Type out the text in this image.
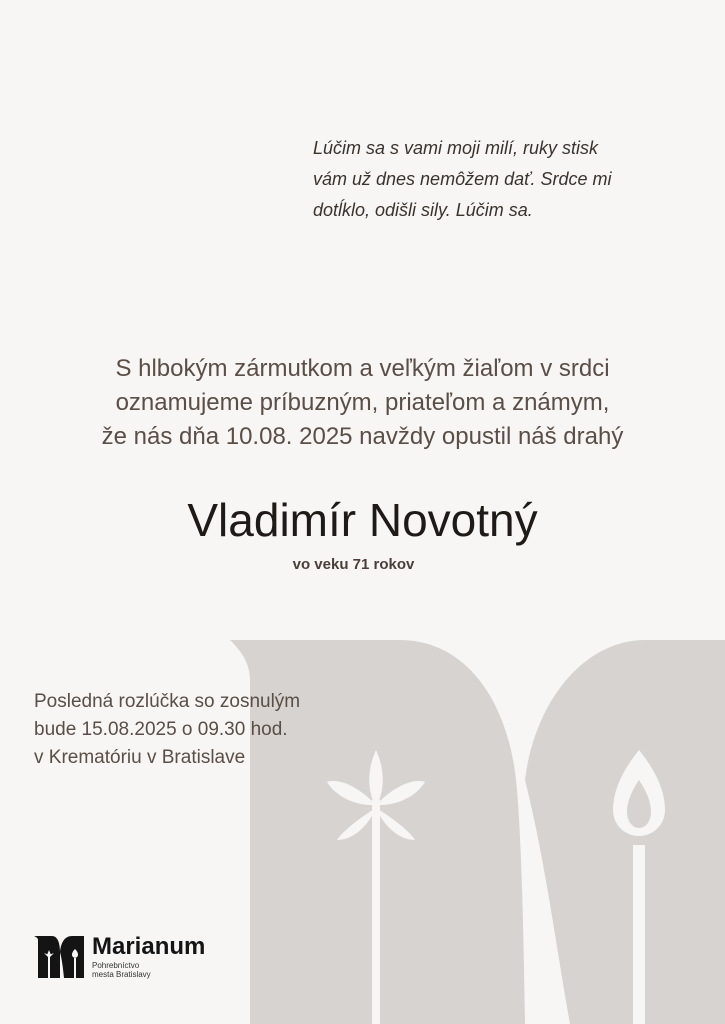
Lúčim sa s vami moji milí, ruky stisk
vám už dnes nemôžem dať. Srdce mi
dotĺklo, odišli sily. Lúčim sa.
S hlbokým zármutkom a veľkým žiaľom v srdci
oznamujeme príbuzným, priateľom a známym,
že nás dňa 10.08. 2025 navždy opustil náš drahý
Vladimír Novotný
vo veku 71 rokov
Posledná rozlúčka so zosnulým
bude 15.08.2025 o 09.30 hod.
v Krematóriu v Bratislave
Marianum
Pohrebníctvo
mesta Bratislavy
